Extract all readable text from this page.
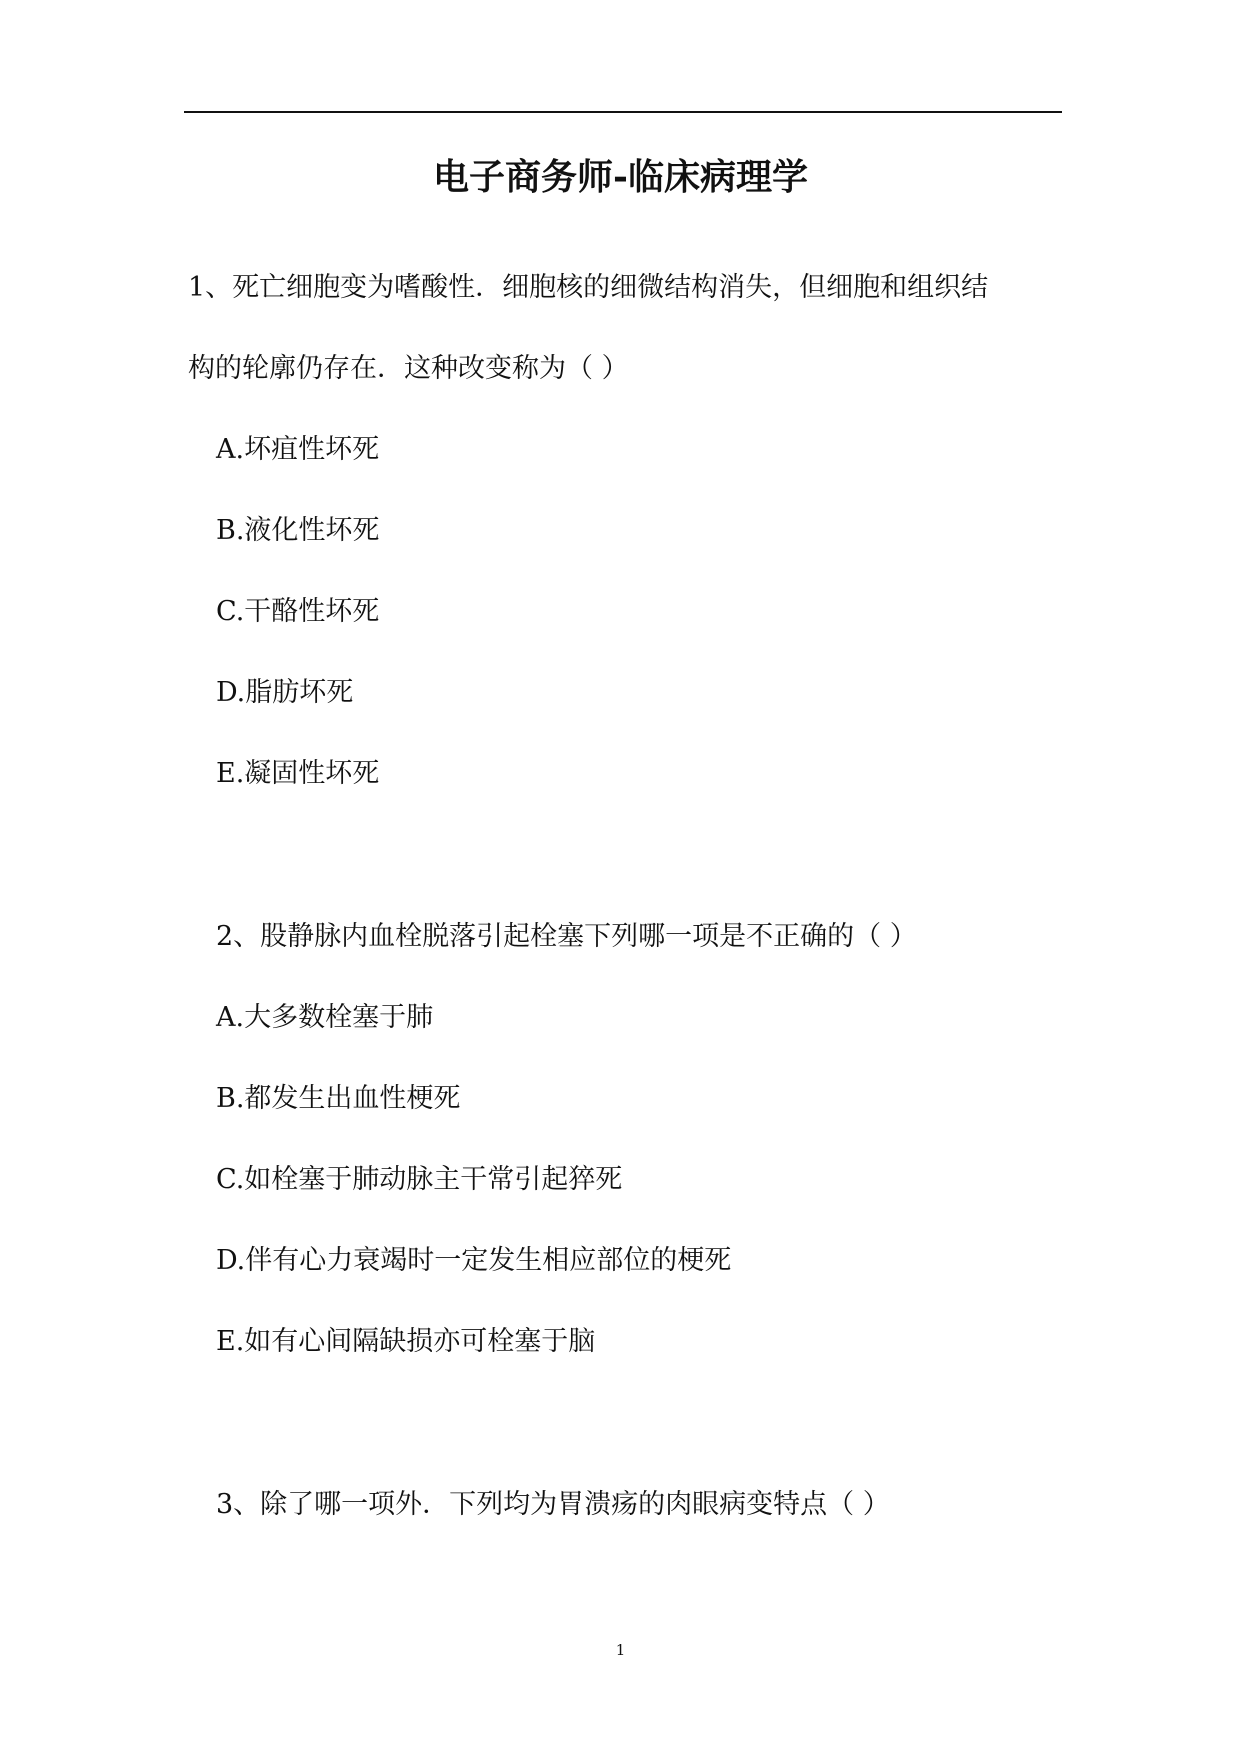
电子商务师-临床病理学
1、死亡细胞变为嗜酸性．细胞核的细微结构消失，但细胞和组织结
构的轮廓仍存在．这种改变称为（ ）
A.坏疽性坏死
B.液化性坏死
C.干酪性坏死
D.脂肪坏死
E.凝固性坏死
2、股静脉内血栓脱落引起栓塞下列哪一项是不正确的（ ）
A.大多数栓塞于肺
B.都发生出血性梗死
C.如栓塞于肺动脉主干常引起猝死
D.伴有心力衰竭时一定发生相应部位的梗死
E.如有心间隔缺损亦可栓塞于脑
3、除了哪一项外．下列均为胃溃疡的肉眼病变特点（ ）
1
